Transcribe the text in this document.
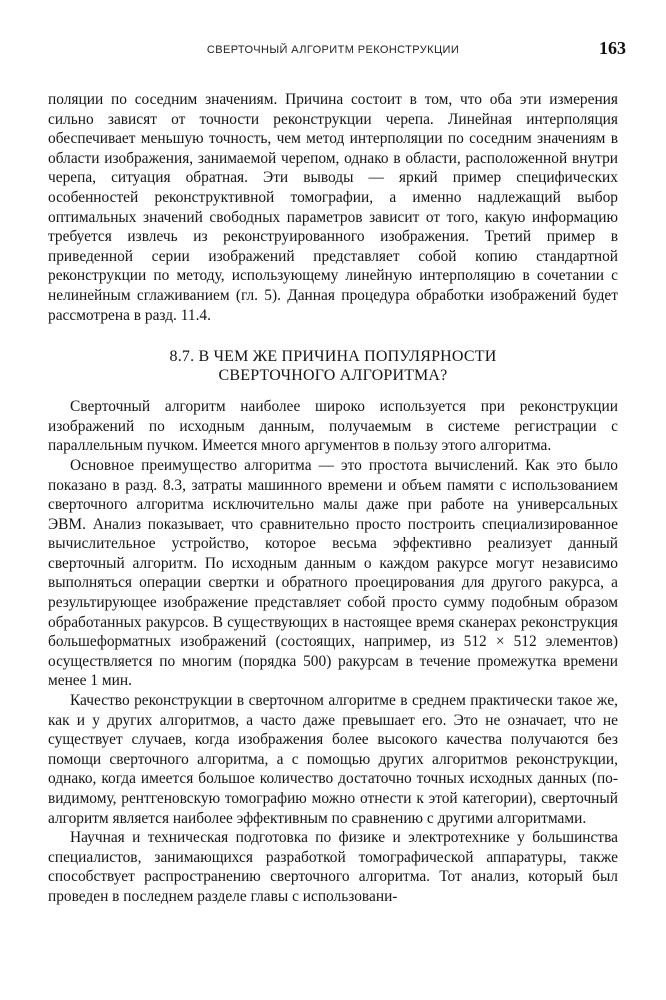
СВЕРТОЧНЫЙ АЛГОРИТМ РЕКОНСТРУКЦИИ	163

поляции по соседним значениям. Причина состоит в том, что оба эти измерения сильно зависят от точности реконструкции черепа. Линейная интерполяция обеспечивает меньшую точность, чем метод интерполяции по соседним значениям в области изображения, занимаемой черепом, однако в области, расположенной внутри черепа, ситуация обратная. Эти выводы — яркий пример специфических особенностей реконструктивной томографии, а именно надлежащий выбор оптимальных значений свободных параметров зависит от того, какую информацию требуется извлечь из реконструированного изображения. Третий пример в приведенной серии изображений представляет собой копию стандартной реконструкции по методу, использующему линейную интерполяцию в сочетании с нелинейным сглаживанием (гл. 5). Данная процедура обработки изображений будет рассмотрена в разд. 11.4.

8.7. В ЧЕМ ЖЕ ПРИЧИНА ПОПУЛЯРНОСТИ
СВЕРТОЧНОГО АЛГОРИТМА?

Сверточный алгоритм наиболее широко используется при реконструкции изображений по исходным данным, получаемым в системе регистрации с параллельным пучком. Имеется много аргументов в пользу этого алгоритма.

Основное преимущество алгоритма — это простота вычислений. Как это было показано в разд. 8.3, затраты машинного времени и объем памяти с использованием сверточного алгоритма исключительно малы даже при работе на универсальных ЭВМ. Анализ показывает, что сравнительно просто построить специализированное вычислительное устройство, которое весьма эффективно реализует данный сверточный алгоритм. По исходным данным о каждом ракурсе могут независимо выполняться операции свертки и обратного проецирования для другого ракурса, а результирующее изображение представляет собой просто сумму подобным образом обработанных ракурсов. В существующих в настоящее время сканерах реконструкция большеформатных изображений (состоящих, например, из 512 × 512 элементов) осуществляется по многим (порядка 500) ракурсам в течение промежутка времени менее 1 мин.

Качество реконструкции в сверточном алгоритме в среднем практически такое же, как и у других алгоритмов, а часто даже превышает его. Это не означает, что не существует случаев, когда изображения более высокого качества получаются без помощи сверточного алгоритма, а с помощью других алгоритмов реконструкции, однако, когда имеется большое количество достаточно точных исходных данных (по-видимому, рентгеновскую томографию можно отнести к этой категории), сверточный алгоритм является наиболее эффективным по сравнению с другими алгоритмами.

Научная и техническая подготовка по физике и электротехнике у большинства специалистов, занимающихся разработкой томографической аппаратуры, также способствует распространению сверточного алгоритма. Тот анализ, который был проведен в последнем разделе главы с использовани-
